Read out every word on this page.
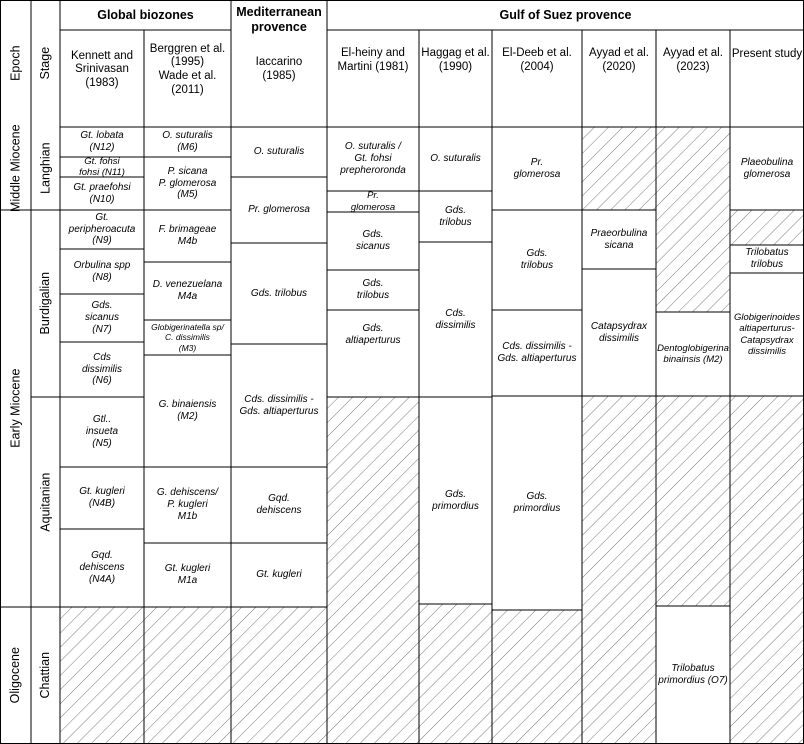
Global biozones	Mediterranean
provence
Gulf of Suez provence
Kennett and
Srinivasan
(1983)
Berggren et al.
(1995)
Wade et al. (2011)
Iaccarino
(1985)
El-heiny and
Martini (1981)
Haggag et al.
(1990)
El-Deeb et al.
(2004)
Ayyad et al.
(2020)
Ayyad et al.
(2023)
Present study
Epoch Stage
Middle Miocene
Early Miocene
Oligocene
Langhian
Burdigalian
Aquitanian
Chattian
Gt. lobata
(N12)
Gt. fohsi
fohsi (N11)
Gt. praefohsi
(N10)
Gt.
peripheroacuta
(N9)
Orbulina spp
(N8)
Gds.
sicanus
(N7)
Cds
dissimilis
(N6)
Gtl..
insueta
(N5)
Gt. kugleri
(N4B)
Gqd.
dehiscens
(N4A)
O. suturalis
(M6)
P. sicana
P. glomerosa
(M5)
F. brimageae
M4b
D. venezuelana
M4a
Globigerinatella sp/
C. dissimilis
(M3)
G. binaiensis
(M2)
G. dehiscens/
P. kugleri
M1b
Gt. kugleri
M1a
O. suturalis
Pr. glomerosa
Gds. trilobus
Cds. dissimilis -
Gds. altiaperturus
Gqd.
dehiscens
Gt. kugleri
O. suturalis /
Gt. fohsi
prepheroronda
Pr.
glomerosa
Gds.
sicanus
Gds.
trilobus
Gds.
altiaperturus
O. suturalis
Gds.
trilobus
Cds.
dissimilis
Gds.
primordius
Pr.
glomerosa
Gds.
trilobus
Cds. dissimilis -
Gds. altiaperturus
Gds.
primordius
Praeorbulina
sicana
Catapsydrax
dissimilis
Dentoglobigerina
binainsis (M2)
Trilobatus
primordius (O7)
Plaeobulina
glomerosa
Trilobatus
trilobus
Globigerinoides
altiaperturus-
Catapsydrax
dissimilis
